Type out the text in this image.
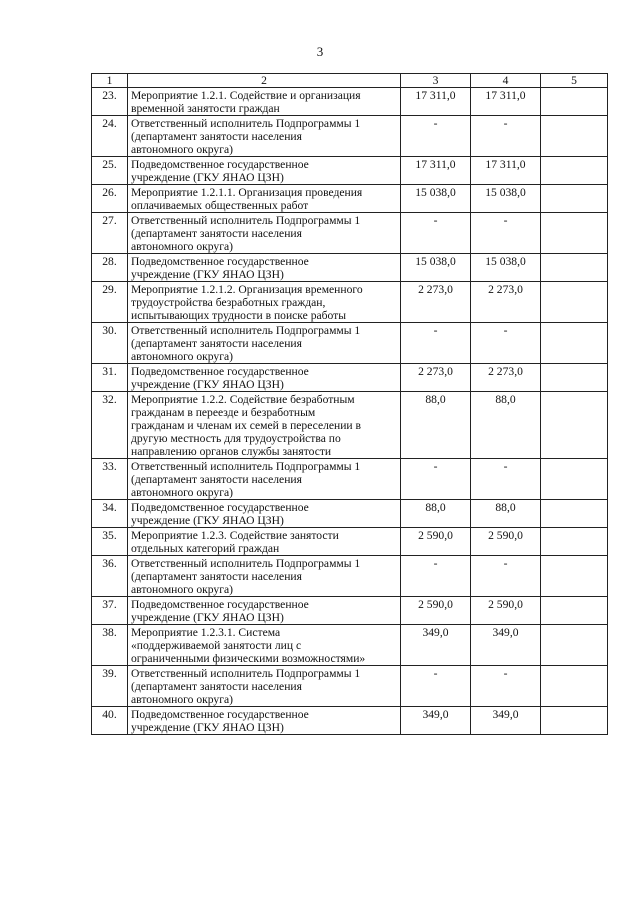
3
1	2	3	4	5
23.	Мероприятие 1.2.1. Содействие и организация
временной занятости граждан	17 311,0	17 311,0	
24.	Ответственный исполнитель Подпрограммы 1
(департамент занятости населения
автономного округа)	-	-	
25.	Подведомственное государственное
учреждение (ГКУ ЯНАО ЦЗН)	17 311,0	17 311,0	
26.	Мероприятие 1.2.1.1. Организация проведения
оплачиваемых общественных работ	15 038,0	15 038,0	
27.	Ответственный исполнитель Подпрограммы 1
(департамент занятости населения
автономного округа)	-	-	
28.	Подведомственное государственное
учреждение (ГКУ ЯНАО ЦЗН)	15 038,0	15 038,0	
29.	Мероприятие 1.2.1.2. Организация временного
трудоустройства безработных граждан,
испытывающих трудности в поиске работы	2 273,0	2 273,0	
30.	Ответственный исполнитель Подпрограммы 1
(департамент занятости населения
автономного округа)	-	-	
31.	Подведомственное государственное
учреждение (ГКУ ЯНАО ЦЗН)	2 273,0	2 273,0	
32.	Мероприятие 1.2.2. Содействие безработным
гражданам в переезде и безработным
гражданам и членам их семей в переселении в
другую местность для трудоустройства по
направлению органов службы занятости	88,0	88,0	
33.	Ответственный исполнитель Подпрограммы 1
(департамент занятости населения
автономного округа)	-	-	
34.	Подведомственное государственное
учреждение (ГКУ ЯНАО ЦЗН)	88,0	88,0	
35.	Мероприятие 1.2.3. Содействие занятости
отдельных категорий граждан	2 590,0	2 590,0	
36.	Ответственный исполнитель Подпрограммы 1
(департамент занятости населения
автономного округа)	-	-	
37.	Подведомственное государственное
учреждение (ГКУ ЯНАО ЦЗН)	2 590,0	2 590,0	
38.	Мероприятие 1.2.3.1. Система
«поддерживаемой занятости лиц с
ограниченными физическими возможностями»	349,0	349,0	
39.	Ответственный исполнитель Подпрограммы 1
(департамент занятости населения
автономного округа)	-	-	
40.	Подведомственное государственное
учреждение (ГКУ ЯНАО ЦЗН)	349,0	349,0	
